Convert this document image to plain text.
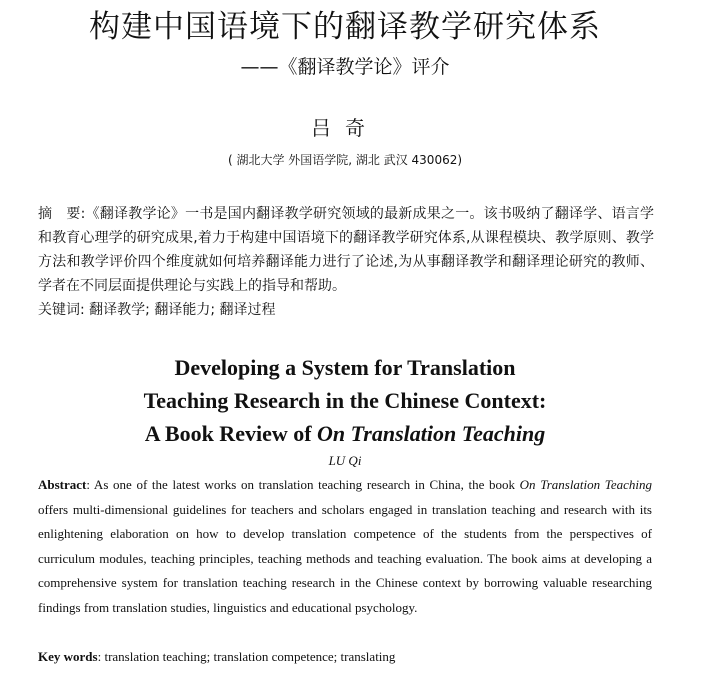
构建中国语境下的翻译教学研究体系
——《翻译教学论》评介
吕奇
( 湖北大学 外国语学院, 湖北 武汉 430062)
摘　要:《翻译教学论》一书是国内翻译教学研究领域的最新成果之一。该书吸纳了翻译学、语言学和教育心理学的研究成果,着力于构建中国语境下的翻译教学研究体系,从课程模块、教学原则、教学方法和教学评价四个维度就如何培养翻译能力进行了论述,为从事翻译教学和翻译理论研究的教师、学者在不同层面提供理论与实践上的指导和帮助。
关键词: 翻译教学; 翻译能力; 翻译过程
Developing a System for Translation
Teaching Research in the Chinese Context:
A Book Review of On Translation Teaching
LU Qi
Abstract: As one of the latest works on translation teaching research in China, the book On Translation Teaching offers multi-dimensional guidelines for teachers and scholars engaged in translation teaching and research with its enlightening elaboration on how to develop translation competence of the students from the perspectives of curriculum modules, teaching principles, teaching methods and teaching evaluation. The book aims at developing a comprehensive system for translation teaching research in the Chinese context by borrowing valuable researching findings from translation studies, linguistics and educational psychology.
Key words: translation teaching; translation competence; translating
